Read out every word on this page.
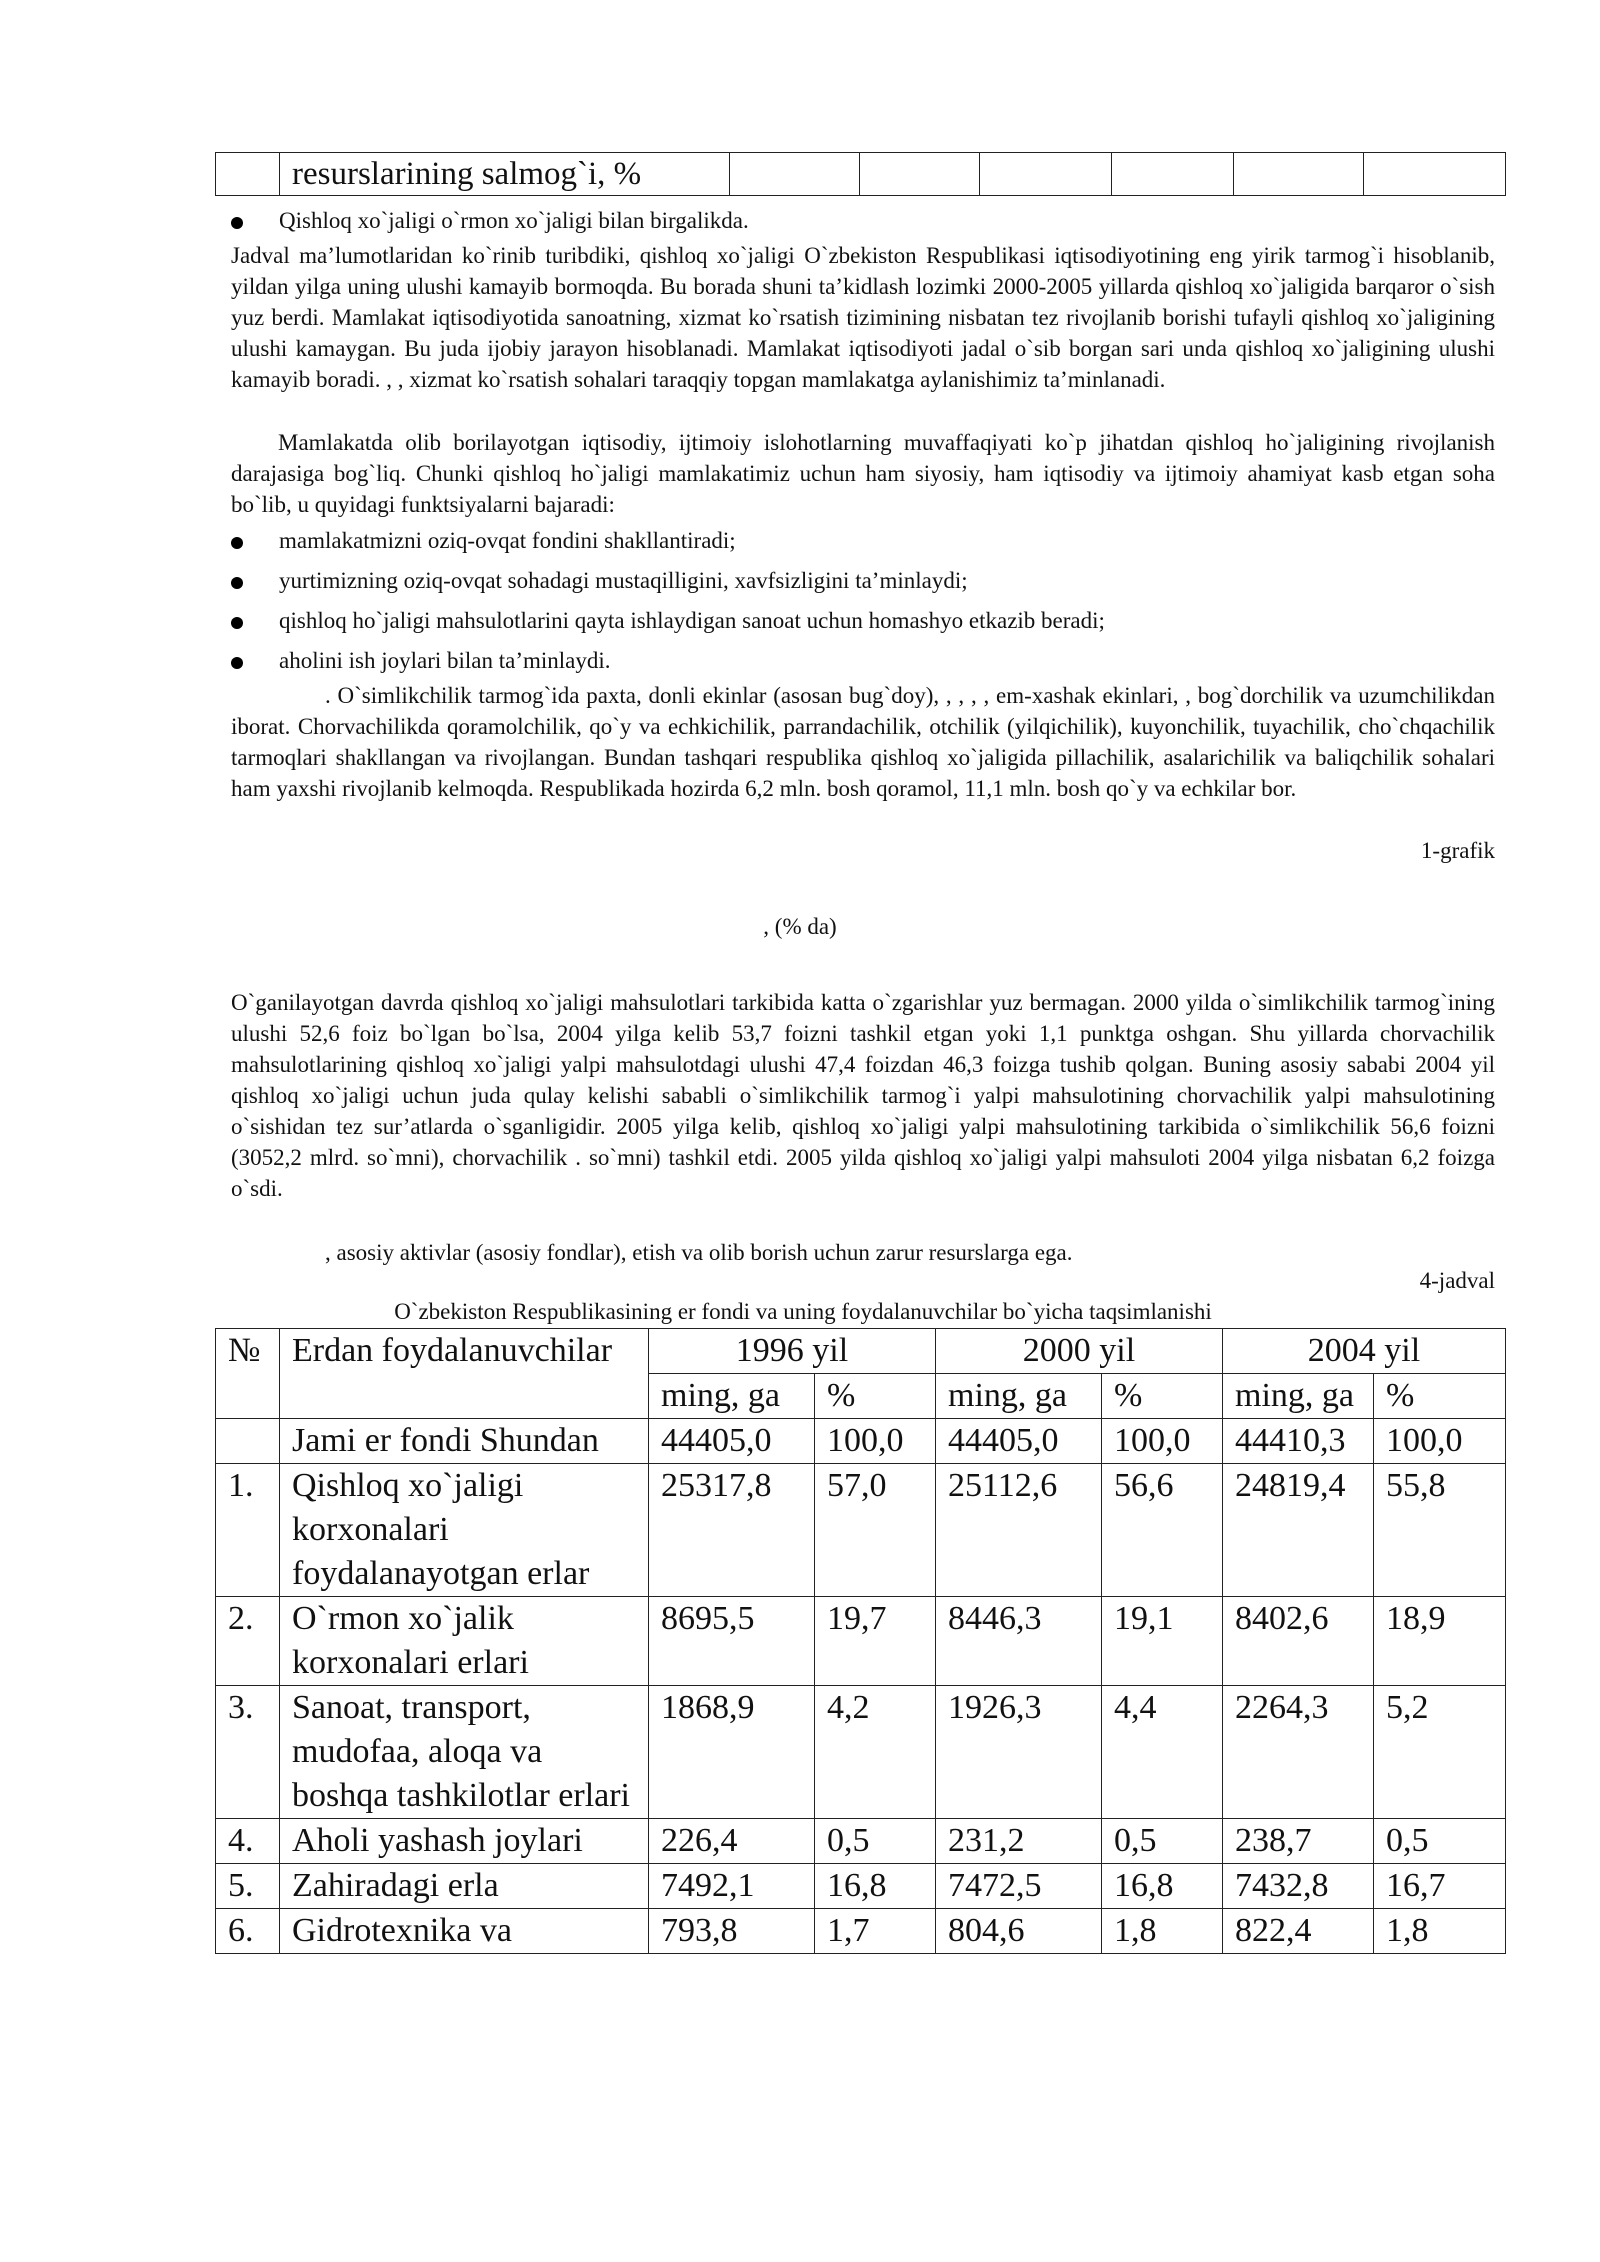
	resurslarining salmog`i, %						
Qishloq xo`jaligi o`rmon xo`jaligi bilan birgalikda.

Jadval ma’lumotlaridan ko`rinib turibdiki, qishloq xo`jaligi O`zbekiston Respublikasi iqtisodiyotining eng yirik tarmog`i hisoblanib, yildan yilga uning ulushi kamayib bormoqda. Bu borada shuni ta’kidlash lozimki 2000-2005 yillarda qishloq xo`jaligida barqaror o`sish yuz berdi. Mamlakat iqtisodiyotida sanoatning, xizmat ko`rsatish tizimining nisbatan tez rivojlanib borishi tufayli qishloq xo`jaligining ulushi kamaygan. Bu juda ijobiy jarayon hisoblanadi. Mamlakat iqtisodiyoti jadal o`sib borgan sari unda qishloq xo`jaligining ulushi kamayib boradi. , , xizmat ko`rsatish sohalari taraqqiy topgan mamlakatga aylanishimiz ta’minlanadi.

Mamlakatda olib borilayotgan iqtisodiy, ijtimoiy islohotlarning muvaffaqiyati ko`p jihatdan qishloq ho`jaligining rivojlanish darajasiga bog`liq. Chunki qishloq ho`jaligi mamlakatimiz uchun ham siyosiy, ham iqtisodiy va ijtimoiy ahamiyat kasb etgan soha bo`lib, u quyidagi funktsiyalarni bajaradi:

mamlakatmizni oziq-ovqat fondini shakllantiradi;
yurtimizning oziq-ovqat sohadagi mustaqilligini, xavfsizligini ta’minlaydi;
qishloq ho`jaligi mahsulotlarini qayta ishlaydigan sanoat uchun homashyo etkazib beradi;
aholini ish joylari bilan ta’minlaydi.

. O`simlikchilik tarmog`ida paxta, donli ekinlar (asosan bug`doy), , , , , em-xashak ekinlari, , bog`dorchilik va uzumchilikdan iborat. Chorvachilikda qoramolchilik, qo`y va echkichilik, parrandachilik, otchilik (yilqichilik), kuyonchilik, tuyachilik, cho`chqachilik tarmoqlari shakllangan va rivojlangan. Bundan tashqari respublika qishloq xo`jaligida pillachilik, asalarichilik va baliqchilik sohalari ham yaxshi rivojlanib kelmoqda. Respublikada hozirda 6,2 mln. bosh qoramol, 11,1 mln. bosh qo`y va echkilar bor.

1-grafik
, (% da)

O`ganilayotgan davrda qishloq xo`jaligi mahsulotlari tarkibida katta o`zgarishlar yuz bermagan. 2000 yilda o`simlikchilik tarmog`ining ulushi 52,6 foiz bo`lgan bo`lsa, 2004 yilga kelib 53,7 foizni tashkil etgan yoki 1,1 punktga oshgan. Shu yillarda chorvachilik mahsulotlarining qishloq xo`jaligi yalpi mahsulotdagi ulushi 47,4 foizdan 46,3 foizga tushib qolgan. Buning asosiy sababi 2004 yil qishloq xo`jaligi uchun juda qulay kelishi sababli o`simlikchilik tarmog`i yalpi mahsulotining chorvachilik yalpi mahsulotining o`sishidan tez sur’atlarda o`sganligidir. 2005 yilga kelib, qishloq xo`jaligi yalpi mahsulotining tarkibida o`simlikchilik 56,6 foizni (3052,2 mlrd. so`mni), chorvachilik . so`mni) tashkil etdi. 2005 yilda qishloq xo`jaligi yalpi mahsuloti 2004 yilga nisbatan 6,2 foizga o`sdi.

, asosiy aktivlar (asosiy fondlar), etish va olib borish uchun zarur resurslarga ega.

4-jadval
O`zbekiston Respublikasining er fondi va uning foydalanuvchilar bo`yicha taqsimlanishi
№	Erdan foydalanuvchilar	1996 yil		2000 yil		2004 yil	
		ming, ga	%	ming, ga	%	ming, ga	%
	Jami er fondi Shundan	44405,0	100,0	44405,0	100,0	44410,3	100,0
1.	Qishloq xo`jaligi korxonalari foydalanayotgan erlar	25317,8	57,0	25112,6	56,6	24819,4	55,8
2.	O`rmon xo`jalik korxonalari erlari	8695,5	19,7	8446,3	19,1	8402,6	18,9
3.	Sanoat, transport, mudofaa, aloqa va boshqa tashkilotlar erlari	1868,9	4,2	1926,3	4,4	2264,3	5,2
4.	Aholi yashash joylari	226,4	0,5	231,2	0,5	238,7	0,5
5.	Zahiradagi erla	7492,1	16,8	7472,5	16,8	7432,8	16,7
6.	Gidrotexnika va	793,8	1,7	804,6	1,8	822,4	1,8
